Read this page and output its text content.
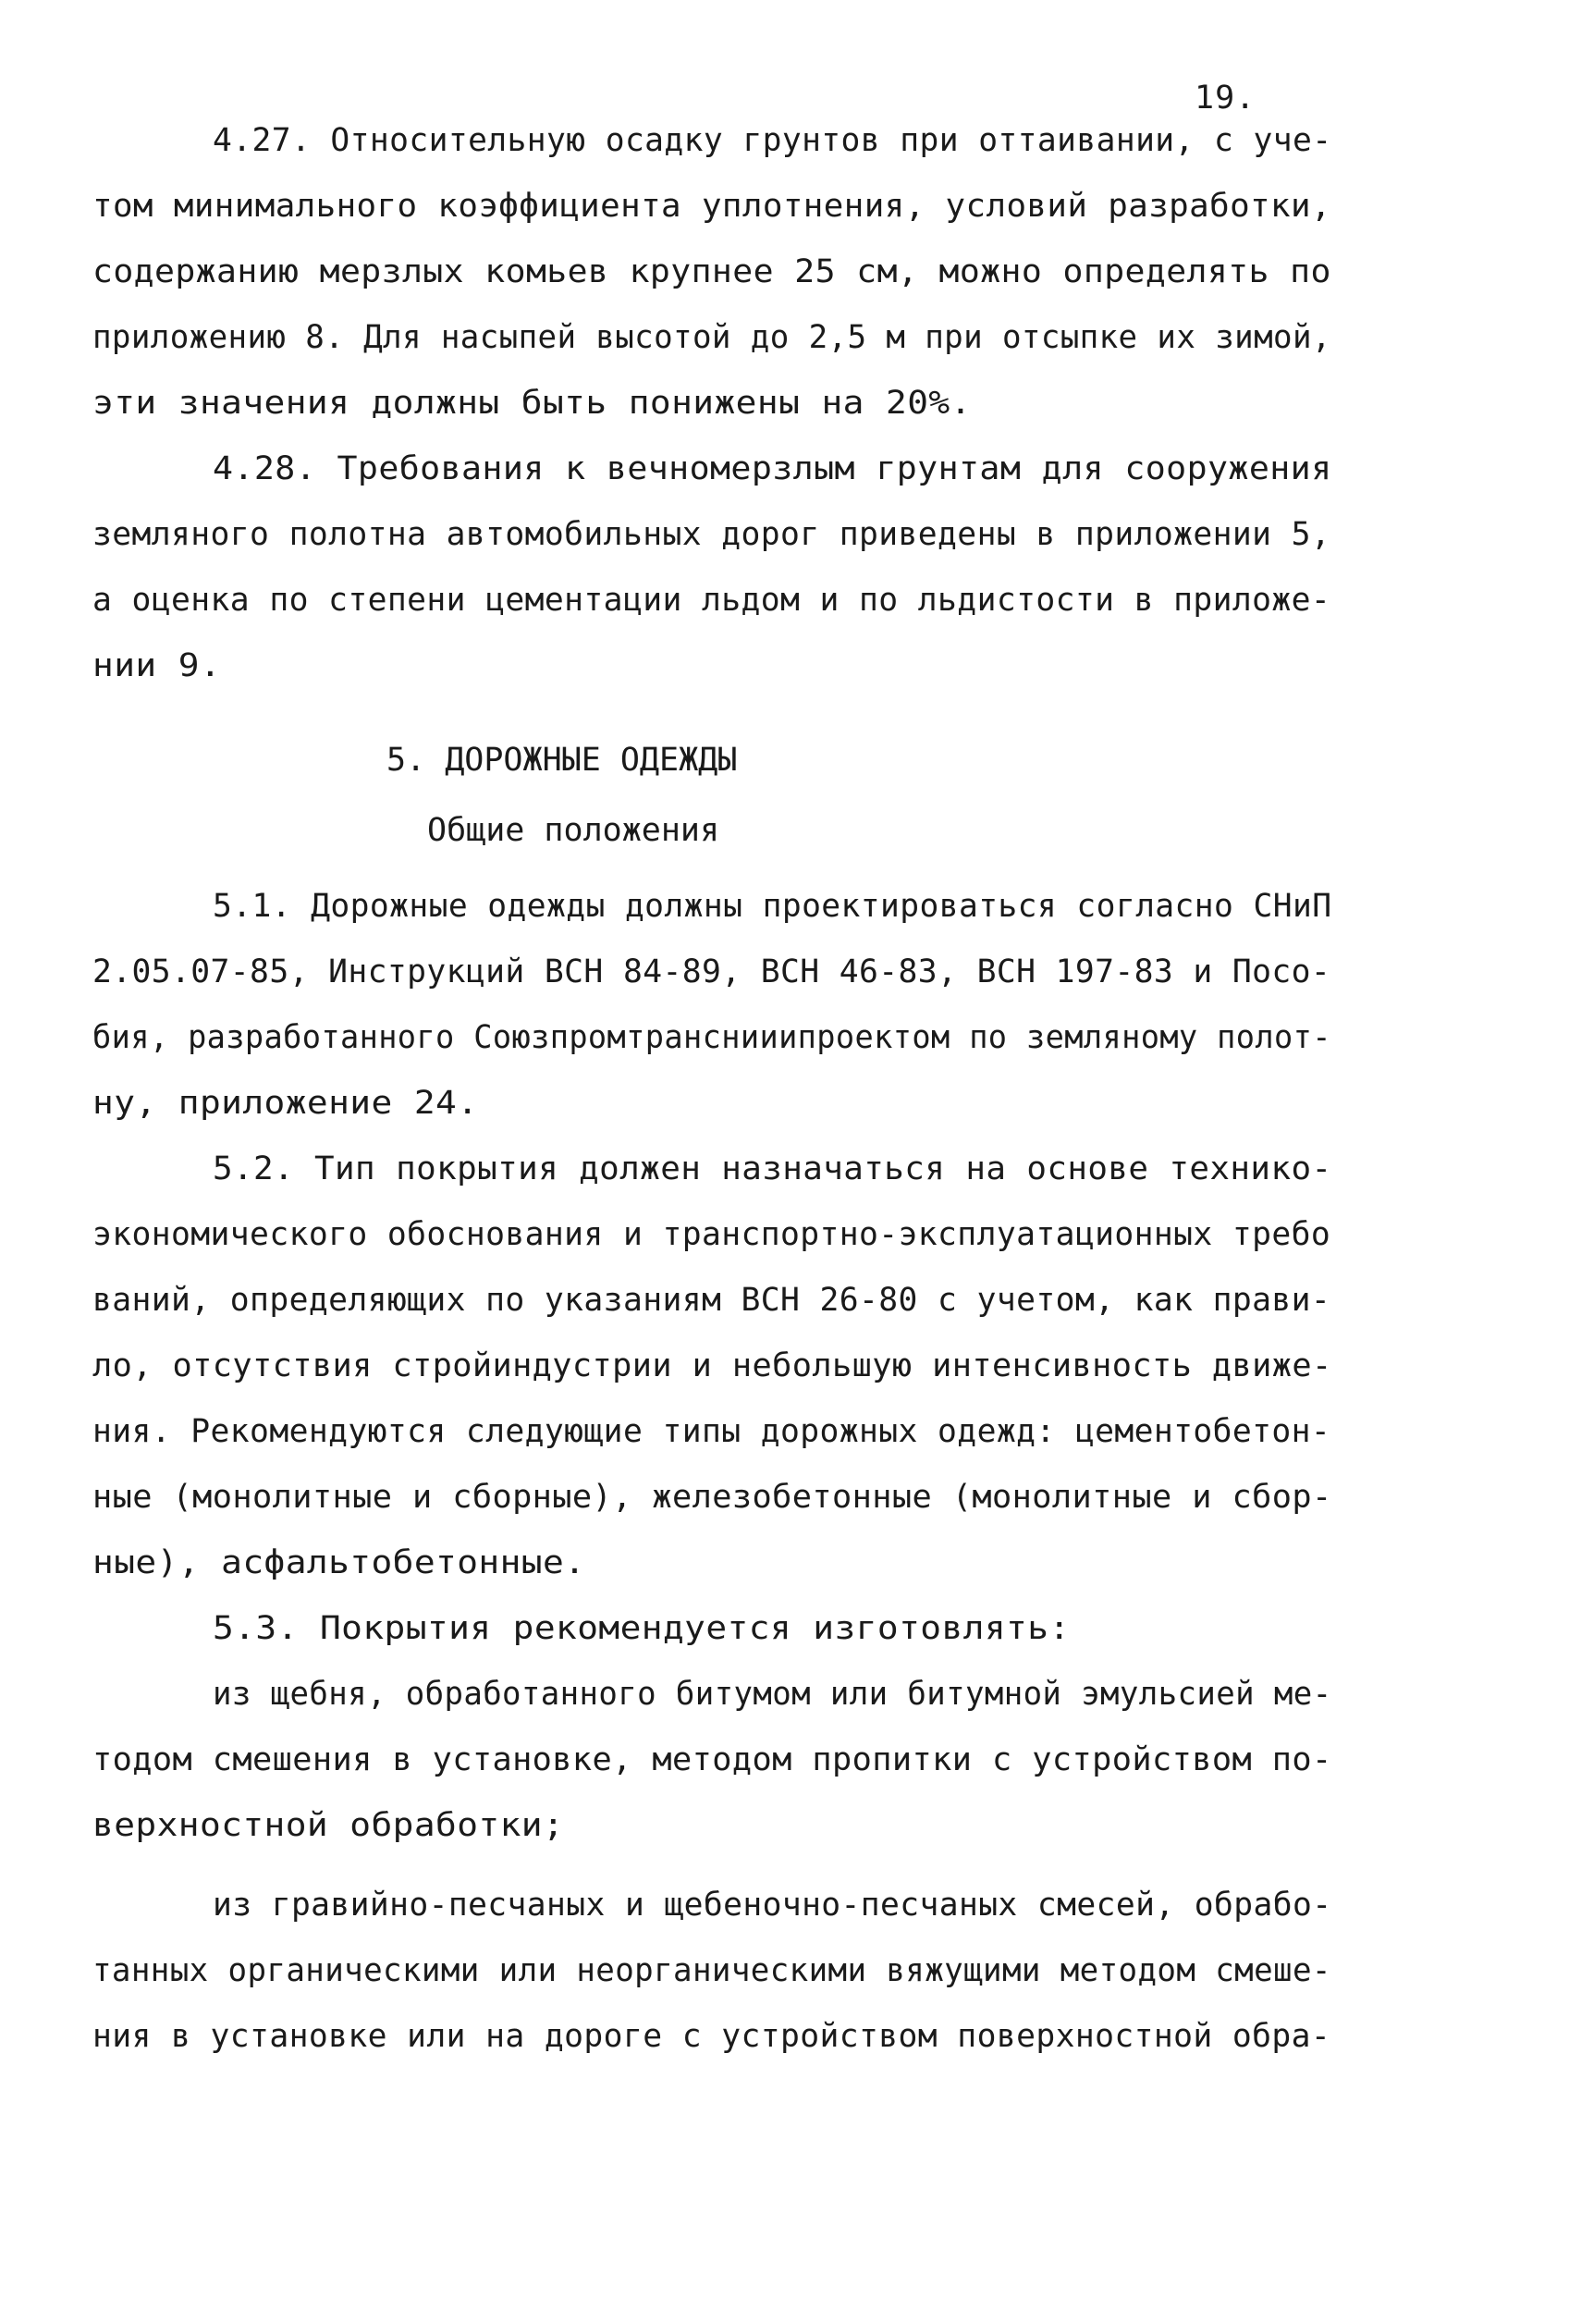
19.
4.27. Относительную осадку грунтов при оттаивании, с уче-
том минимального коэффициента уплотнения, условий разработки,
содержанию мерзлых комьев крупнее 25 см, можно определять по
приложению 8. Для насыпей высотой до 2,5 м при отсыпке их зимой,
эти значения должны быть понижены на 20%.
4.28. Требования к вечномерзлым грунтам для сооружения
земляного полотна автомобильных дорог приведены в приложении 5,
а оценка по степени цементации льдом и по льдистости в приложе-
нии 9.
5. ДОРОЖНЫЕ ОДЕЖДЫ
Общие положения
5.1. Дорожные одежды должны проектироваться согласно СНиП
2.05.07-85, Инструкций ВСН 84-89, ВСН 46-83, ВСН 197-83 и Посо-
бия, разработанного Союзпромтранснииипроектом по земляному полот-
ну, приложение 24.
5.2. Тип покрытия должен назначаться на основе технико-
экономического обоснования и транспортно-эксплуатационных требо
ваний, определяющих по указаниям ВСН 26-80 с учетом, как прави-
ло, отсутствия стройиндустрии и небольшую интенсивность движе-
ния. Рекомендуются следующие типы дорожных одежд: цементобетон-
ные (монолитные и сборные), железобетонные (монолитные и сбор-
ные), асфальтобетонные.
5.3. Покрытия рекомендуется изготовлять:
из щебня, обработанного битумом или битумной эмульсией ме-
тодом смешения в установке, методом пропитки с устройством по-
верхностной обработки;
из гравийно-песчаных и щебеночно-песчаных смесей, обрабо-
танных органическими или неорганическими вяжущими методом смеше-
ния в установке или на дороге с устройством поверхностной обра-
